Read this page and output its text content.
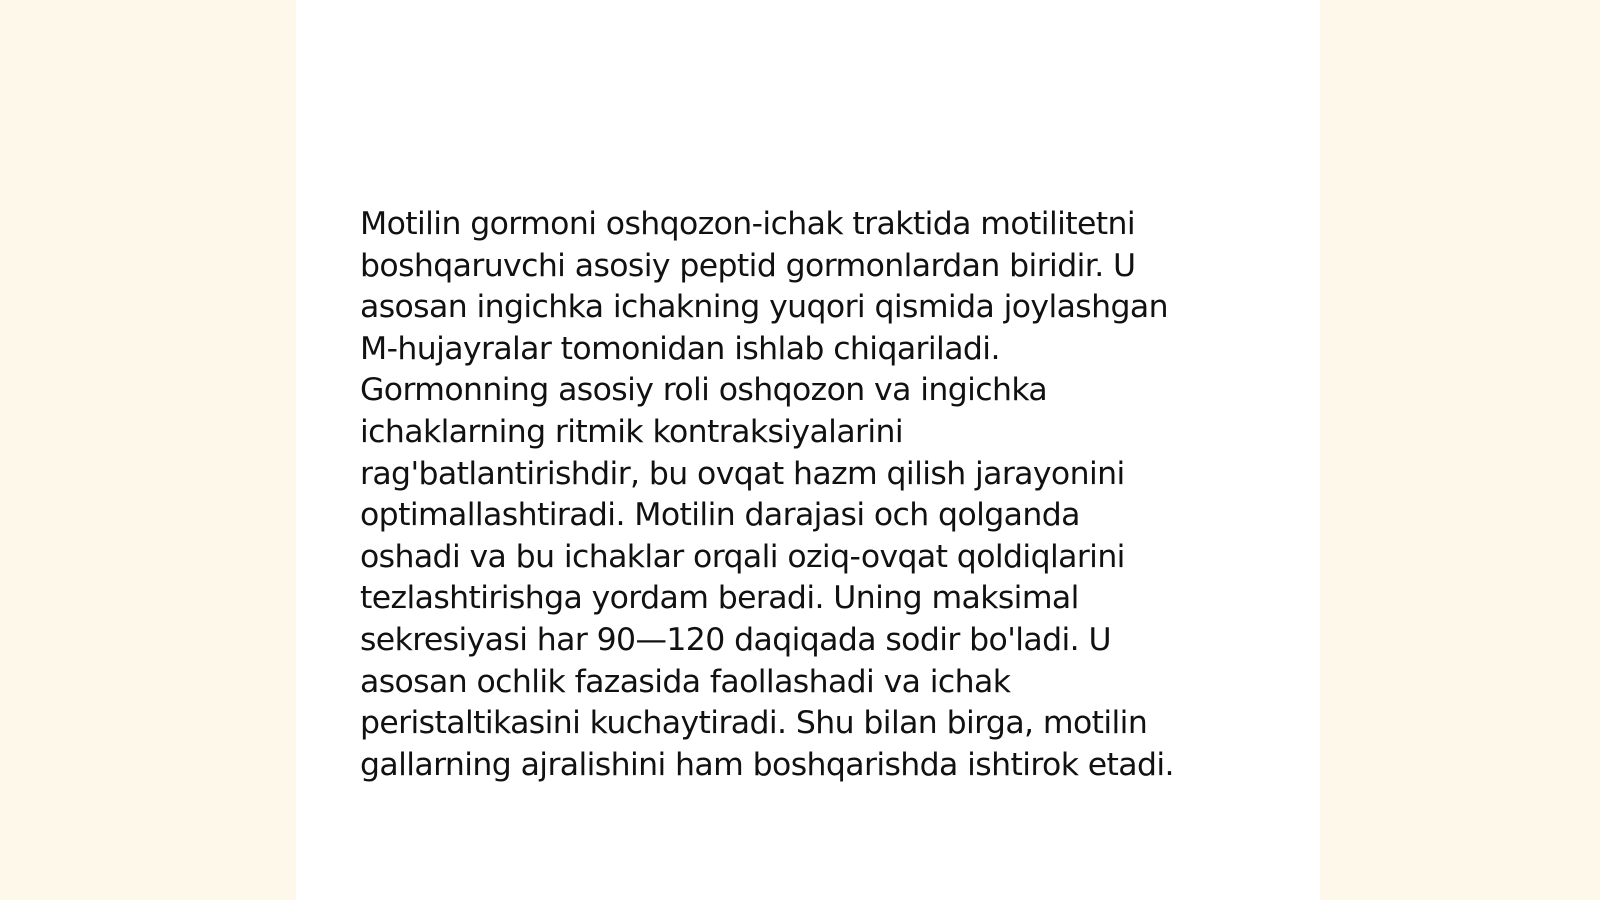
Motilin gormoni oshqozon-ichak traktida motilitetni
boshqaruvchi asosiy peptid gormonlardan biridir. U
asosan ingichka ichakning yuqori qismida joylashgan
M-hujayralar tomonidan ishlab chiqariladi.
Gormonning asosiy roli oshqozon va ingichka
ichaklarning ritmik kontraksiyalarini
rag'batlantirishdir, bu ovqat hazm qilish jarayonini
optimallashtiradi. Motilin darajasi och qolganda
oshadi va bu ichaklar orqali oziq-ovqat qoldiqlarini
tezlashtirishga yordam beradi. Uning maksimal
sekresiyasi har 90—120 daqiqada sodir bo'ladi. U
asosan ochlik fazasida faollashadi va ichak
peristaltikasini kuchaytiradi. Shu bilan birga, motilin
gallarning ajralishini ham boshqarishda ishtirok etadi.
